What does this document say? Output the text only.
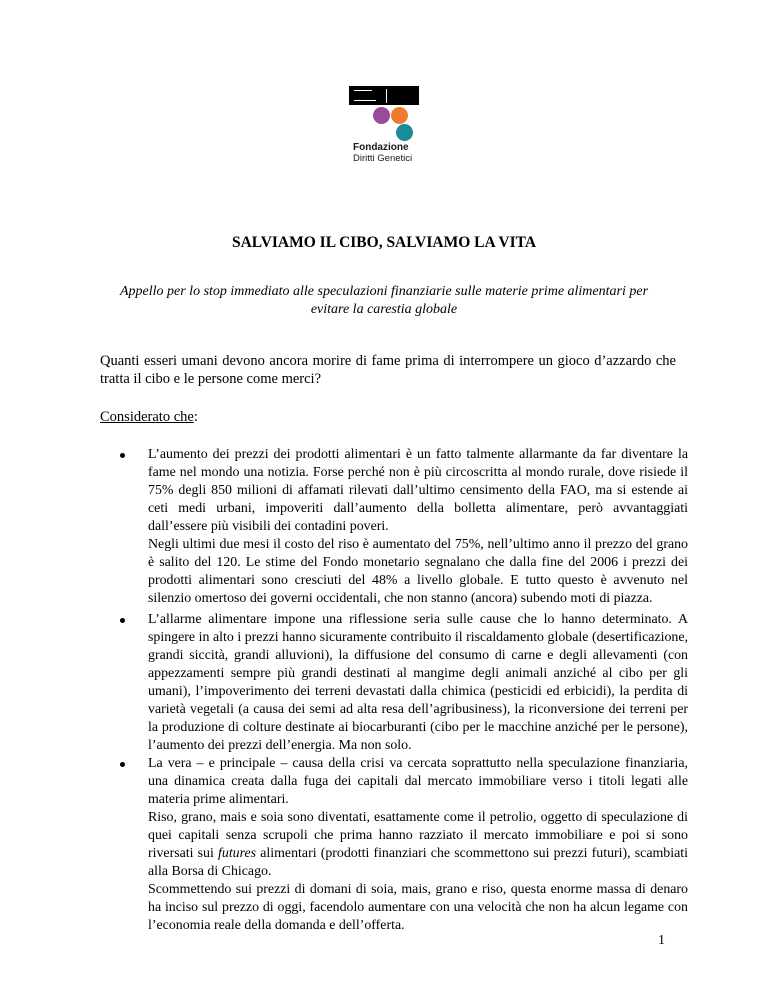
Fondazione
Diritti Genetici
SALVIAMO IL CIBO, SALVIAMO LA VITA
Appello per lo stop immediato alle speculazioni finanziarie sulle materie prime alimentari per evitare la carestia globale
Quanti esseri umani devono ancora morire di fame prima di interrompere un gioco d’azzardo che tratta il cibo e le persone come merci?
Considerato che:

L’aumento dei prezzi dei prodotti alimentari è un fatto talmente allarmante da far diventare la fame nel mondo una notizia. Forse perché non è più circoscritta al mondo rurale, dove risiede il 75% degli 850 milioni di affamati rilevati dall’ultimo censimento della FAO, ma si estende ai ceti medi urbani, impoveriti dall’aumento della bolletta alimentare, però avvantaggiati dall’essere più visibili dei contadini poveri.

Negli ultimi due mesi il costo del riso è aumentato del 75%, nell’ultimo anno il prezzo del grano è salito del 120. Le stime del Fondo monetario segnalano che dalla fine del 2006 i prezzi dei prodotti alimentari sono cresciuti del 48% a livello globale. E tutto questo è avvenuto nel silenzio omertoso dei governi occidentali, che non stanno (ancora) subendo moti di piazza.

L’allarme alimentare impone una riflessione seria sulle cause che lo hanno determinato. A spingere in alto i prezzi hanno sicuramente contribuito il riscaldamento globale (desertificazione, grandi siccità, grandi alluvioni), la diffusione del consumo di carne e degli allevamenti (con appezzamenti sempre più grandi destinati al mangime degli animali anziché al cibo per gli umani), l’impoverimento dei terreni devastati dalla chimica (pesticidi ed erbicidi), la perdita di varietà vegetali (a causa dei semi ad alta resa dell’agribusiness), la riconversione dei terreni per la produzione di colture destinate ai biocarburanti (cibo per le macchine anziché per le persone), l’aumento dei prezzi dell’energia. Ma non solo.

La vera – e principale – causa della crisi va cercata soprattutto nella speculazione finanziaria, una dinamica creata dalla fuga dei capitali dal mercato immobiliare verso i titoli legati alle materia prime alimentari.

Riso, grano, mais e soia sono diventati, esattamente come il petrolio, oggetto di speculazione di quei capitali senza scrupoli che prima hanno razziato il mercato immobiliare e poi si sono riversati sui futures alimentari (prodotti finanziari che scommettono sui prezzi futuri), scambiati alla Borsa di Chicago.

Scommettendo sui prezzi di domani di soia, mais, grano e riso, questa enorme massa di denaro ha inciso sul prezzo di oggi, facendolo aumentare con una velocità che non ha alcun legame con l’economia reale della domanda e dell’offerta.

1
